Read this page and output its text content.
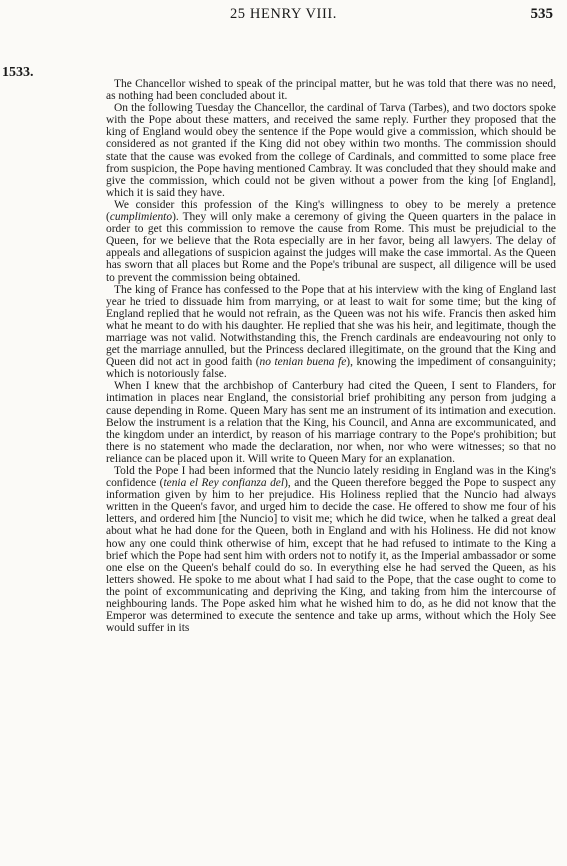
25 HENRY VIII.	535
1533.

The Chancellor wished to speak of the principal matter, but he was told that there was no need, as nothing had been concluded about it.

On the following Tuesday the Chancellor, the cardinal of Tarva (Tarbes), and two doctors spoke with the Pope about these matters, and received the same reply. Further they proposed that the king of England would obey the sentence if the Pope would give a commission, which should be considered as not granted if the King did not obey within two months. The commission should state that the cause was evoked from the college of Cardinals, and committed to some place free from suspicion, the Pope having mentioned Cambray. It was concluded that they should make and give the commission, which could not be given without a power from the king [of England], which it is said they have.

We consider this profession of the King's willingness to obey to be merely a pretence (cumplimiento). They will only make a ceremony of giving the Queen quarters in the palace in order to get this commission to remove the cause from Rome. This must be prejudicial to the Queen, for we believe that the Rota especially are in her favor, being all lawyers. The delay of appeals and allegations of suspicion against the judges will make the case immortal. As the Queen has sworn that all places but Rome and the Pope's tribunal are suspect, all diligence will be used to prevent the commission being obtained.

The king of France has confessed to the Pope that at his interview with the king of England last year he tried to dissuade him from marrying, or at least to wait for some time; but the king of England replied that he would not refrain, as the Queen was not his wife. Francis then asked him what he meant to do with his daughter. He replied that she was his heir, and legitimate, though the marriage was not valid. Notwithstanding this, the French cardinals are endeavouring not only to get the marriage annulled, but the Princess declared illegitimate, on the ground that the King and Queen did not act in good faith (no tenian buena fe), knowing the impediment of consanguinity; which is notoriously false.

When I knew that the archbishop of Canterbury had cited the Queen, I sent to Flanders, for intimation in places near England, the consistorial brief prohibiting any person from judging a cause depending in Rome. Queen Mary has sent me an instrument of its intimation and execution. Below the instrument is a relation that the King, his Council, and Anna are excommunicated, and the kingdom under an interdict, by reason of his marriage contrary to the Pope's prohibition; but there is no statement who made the declaration, nor when, nor who were witnesses; so that no reliance can be placed upon it. Will write to Queen Mary for an explanation.

Told the Pope I had been informed that the Nuncio lately residing in England was in the King's confidence (tenia el Rey confianza del), and the Queen therefore begged the Pope to suspect any information given by him to her prejudice. His Holiness replied that the Nuncio had always written in the Queen's favor, and urged him to decide the case. He offered to show me four of his letters, and ordered him [the Nuncio] to visit me; which he did twice, when he talked a great deal about what he had done for the Queen, both in England and with his Holiness. He did not know how any one could think otherwise of him, except that he had refused to intimate to the King a brief which the Pope had sent him with orders not to notify it, as the Imperial ambassador or some one else on the Queen's behalf could do so. In everything else he had served the Queen, as his letters showed. He spoke to me about what I had said to the Pope, that the case ought to come to the point of excommunicating and depriving the King, and taking from him the intercourse of neighbouring lands. The Pope asked him what he wished him to do, as he did not know that the Emperor was determined to execute the sentence and take up arms, without which the Holy See would suffer in its
